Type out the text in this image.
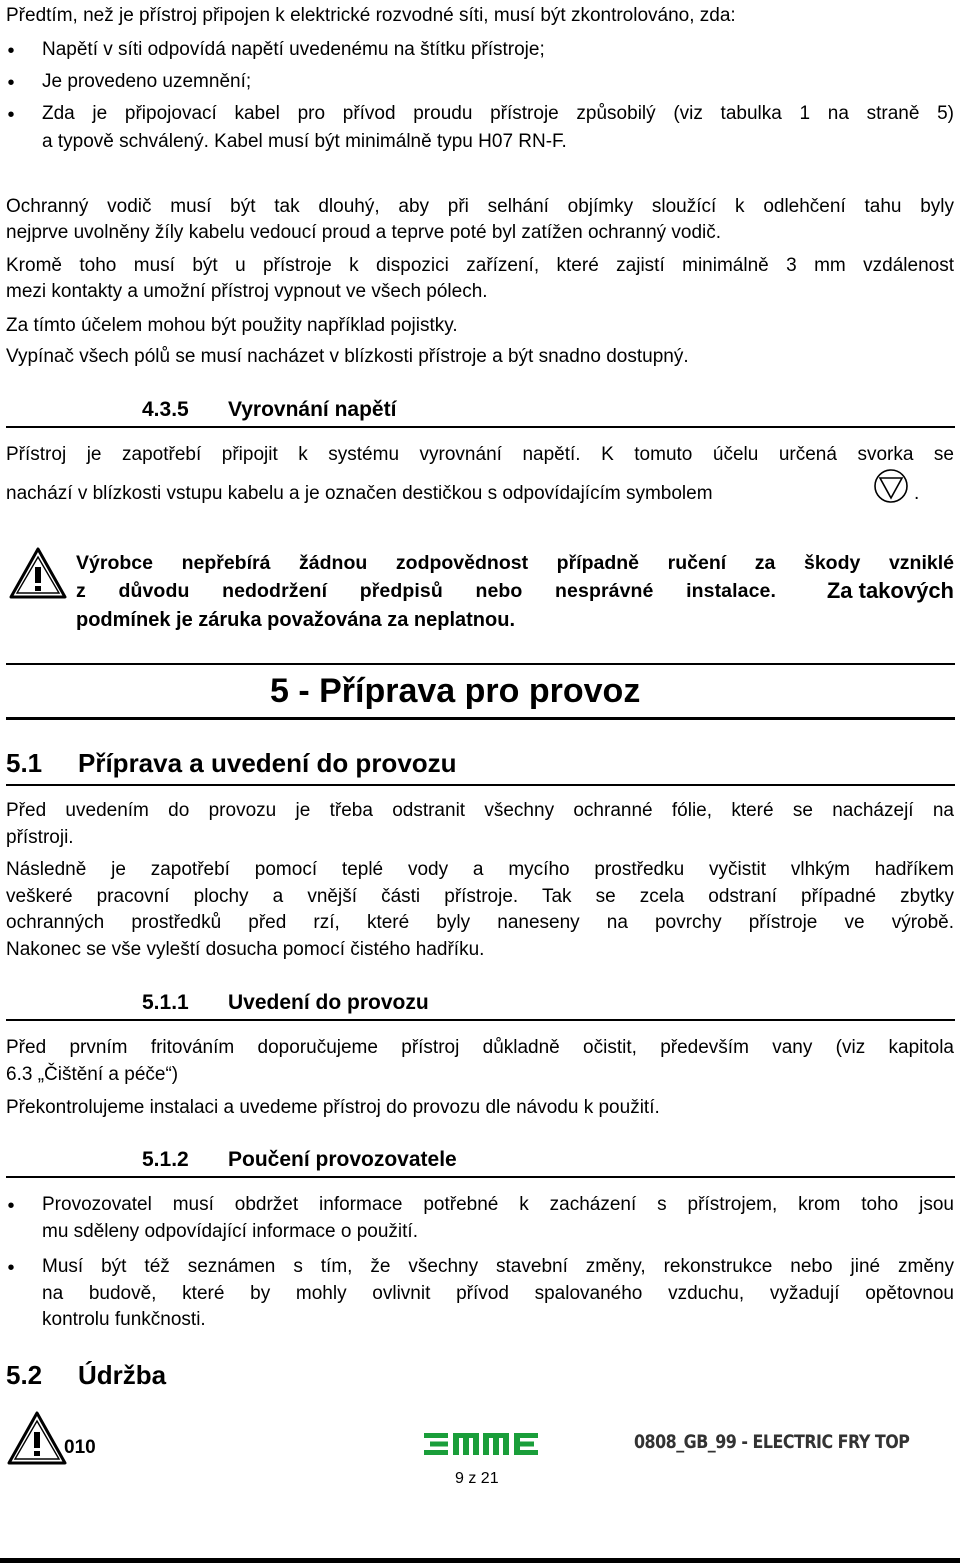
Předtím, než je přístroj připojen k elektrické rozvodné síti, musí být zkontrolováno, zda:
• Napětí v síti odpovídá napětí uvedenému na štítku přístroje;
• Je provedeno uzemnění;
• Zda je připojovací kabel pro přívod proudu přístroje způsobilý (viz tabulka 1 na straně 5)
a typově schválený. Kabel musí být minimálně typu H07 RN-F.
Ochranný vodič musí být tak dlouhý, aby při selhání objímky sloužící k odlehčení tahu byly
nejprve uvolněny žíly kabelu vedoucí proud a teprve poté byl zatížen ochranný vodič.
Kromě toho musí být u přístroje k dispozici zařízení, které zajistí minimálně 3 mm vzdálenost
mezi kontakty a umožní přístroj vypnout ve všech pólech.
Za tímto účelem mohou být použity například pojistky.
Vypínač všech pólů se musí nacházet v blízkosti přístroje a být snadno dostupný.
4.3.5 Vyrovnání napětí
Přístroj je zapotřebí připojit k systému vyrovnání napětí. K tomuto účelu určená svorka se
nachází v blízkosti vstupu kabelu a je označen destičkou s odpovídajícím symbolem	.
Výrobce nepřebírá žádnou zodpovědnost případně ručení za škody vzniklé
z důvodu nedodržení předpisů nebo nesprávné instalace. Za takových
podmínek je záruka považována za neplatnou.
5 - Příprava pro provoz
5.1 Příprava a uvedení do provozu
Před uvedením do provozu je třeba odstranit všechny ochranné fólie, které se nacházejí na
přístroji.
Následně je zapotřebí pomocí teplé vody a mycího prostředku vyčistit vlhkým hadříkem
veškeré pracovní plochy a vnější části přístroje. Tak se zcela odstraní případné zbytky
ochranných prostředků před rzí, které byly naneseny na povrchy přístroje ve výrobě.
Nakonec se vše vyleští dosucha pomocí čistého hadříku.
5.1.1 Uvedení do provozu
Před prvním fritováním doporučujeme přístroj důkladně očistit, především vany (viz kapitola
6.3 „Čištění a péče“)
Překontrolujeme instalaci a uvedeme přístroj do provozu dle návodu k použití.
5.1.2 Poučení provozovatele
• Provozovatel musí obdržet informace potřebné k zacházení s přístrojem, krom toho jsou
mu sděleny odpovídající informace o použití.
• Musí být též seznámen s tím, že všechny stavební změny, rekonstrukce nebo jiné změny
na budově, které by mohly ovlivnit přívod spalovaného vzduchu, vyžadují opětovnou
kontrolu funkčnosti.
5.2 Údržba
010	0808_GB_99 - ELECTRIC FRY TOP
9 z 21
